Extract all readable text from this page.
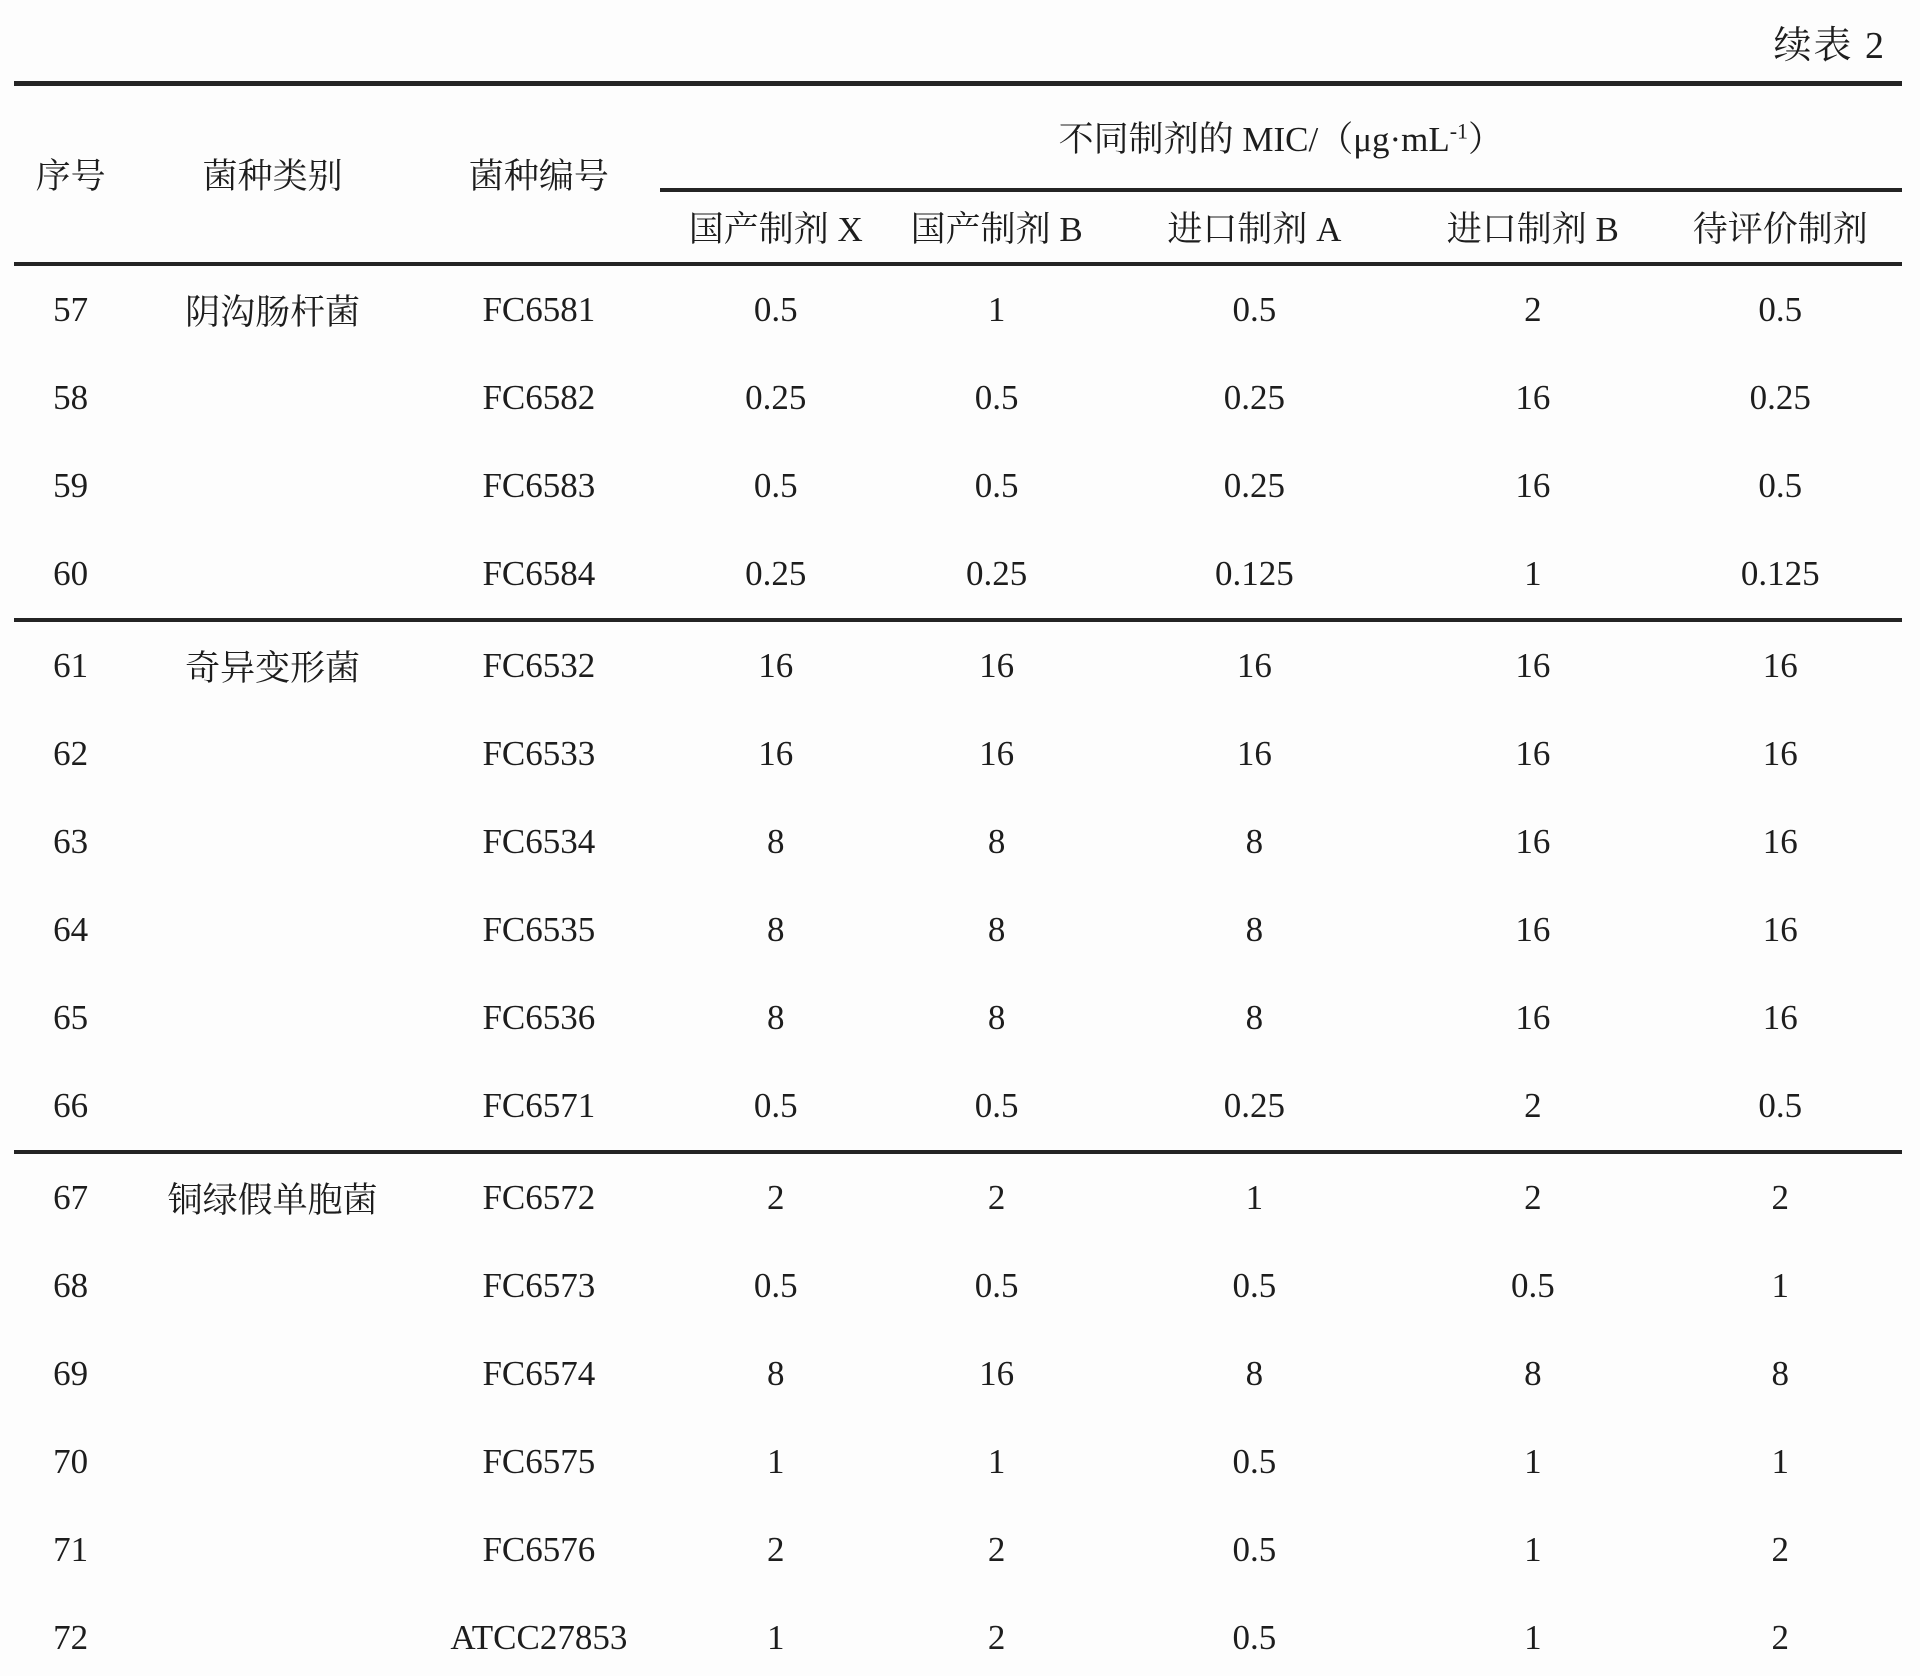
续表 2
序号	菌种类别	菌种编号	不同制剂的 MIC/$(\mu g\cdot mL^{-1})$				
			国产制剂 X	国产制剂 B	进口制剂 A	进口制剂 B	待评价制剂
57	阴沟肠杆菌	FC6581	0.5	1	0.5	2	0.5
58		FC6582	0.25	0.5	0.25	16	0.25
59		FC6583	0.5	0.5	0.25	16	0.5
60		FC6584	0.25	0.25	0.125	1	0.125
61	奇异变形菌	FC6532	16	16	16	16	16
62		FC6533	16	16	16	16	16
63		FC6534	8	8	8	16	16
64		FC6535	8	8	8	16	16
65		FC6536	8	8	8	16	16
66		FC6571	0.5	0.5	0.25	2	0.5
67	铜绿假单胞菌	FC6572	2	2	1	2	2
68		FC6573	0.5	0.5	0.5	0.5	1
69		FC6574	8	16	8	8	8
70		FC6575	1	1	0.5	1	1
71		FC6576	2	2	0.5	1	2
72		ATCC27853	1	2	0.5	1	2
